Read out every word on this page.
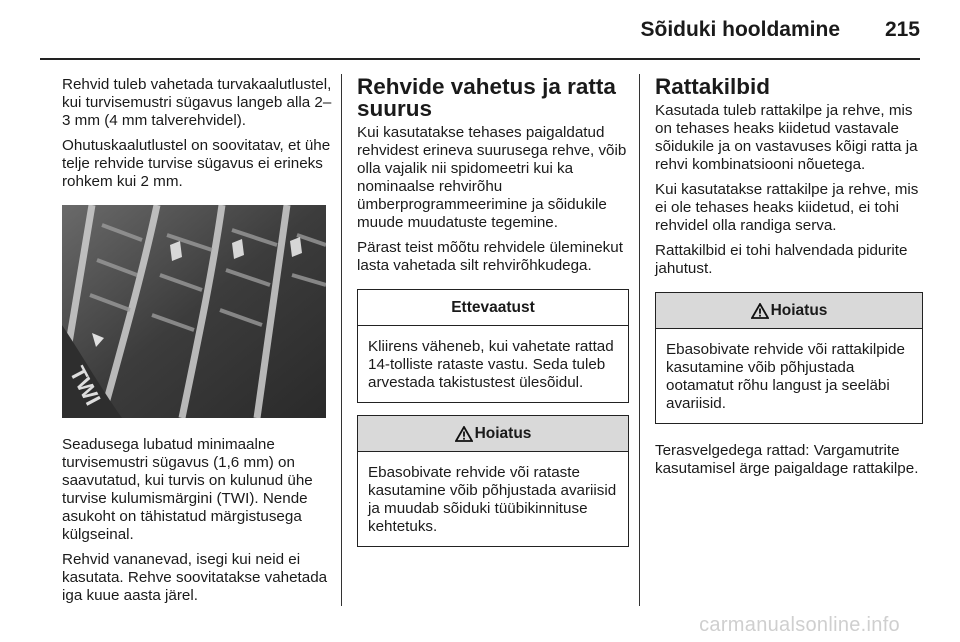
Sõiduki hooldamine 215

Rehvid tuleb vahetada turvakaalutlustel, kui turvisemustri sügavus langeb alla 2–3 mm (4 mm talverehvidel).

Ohutuskaalutlustel on soovitatav, et ühe telje rehvide turvise sügavus ei erineks rohkem kui 2 mm.

TWI

Seadusega lubatud minimaalne turvisemustri sügavus (1,6 mm) on saavutatud, kui turvis on kulunud ühe turvise kulumismärgini (TWI). Nende asukoht on tähistatud märgistusega külgseinal.

Rehvid vananevad, isegi kui neid ei kasutata. Rehve soovitatakse vahetada iga kuue aasta järel.

Rehvide vahetus ja ratta
suurus

Kui kasutatakse tehases paigaldatud rehvidest erineva suurusega rehve, võib olla vajalik nii spidomeetri kui ka nominaalse rehvirõhu ümberprogrammeerimine ja sõidukile muude muudatuste tegemine.

Pärast teist mõõtu rehvidele üleminekut lasta vahetada silt rehvirõhkudega.

Ettevaatust

Kliirens väheneb, kui vahetate rattad 14-tolliste rataste vastu. Seda tuleb arvestada takistustest ülesõidul.

Hoiatus

Ebasobivate rehvide või rataste kasutamine võib põhjustada avariisid ja muudab sõiduki tüübikinnituse kehtetuks.

Rattakilbid

Kasutada tuleb rattakilpe ja rehve, mis on tehases heaks kiidetud vastavale sõidukile ja on vastavuses kõigi ratta ja rehvi kombinatsiooni nõuetega.

Kui kasutatakse rattakilpe ja rehve, mis ei ole tehases heaks kiidetud, ei tohi rehvidel olla randiga serva.

Rattakilbid ei tohi halvendada pidurite jahutust.

Hoiatus

Ebasobivate rehvide või rattakilpide kasutamine võib põhjustada ootamatut rõhu langust ja seeläbi avariisid.

Terasvelgedega rattad: Vargamutrite kasutamisel ärge paigaldage rattakilpe.

carmanualsonline.info
